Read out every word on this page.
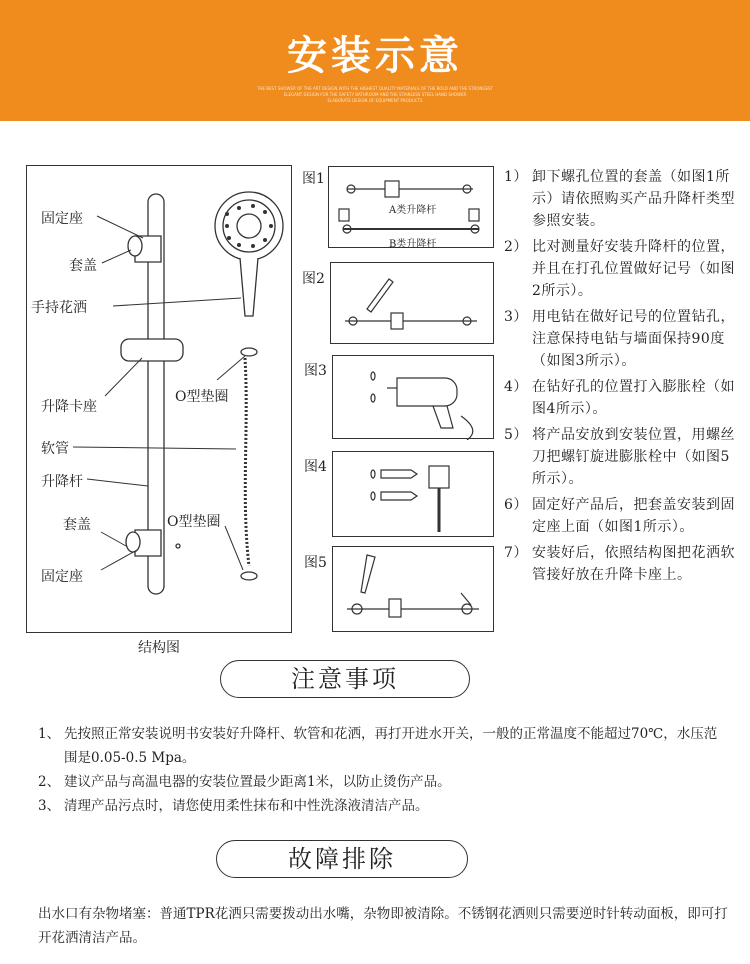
安装示意
THE BEST SHOWER OF THE ART DESIGN WITH THE HIGHEST QUALITY MATERIALS OF THE BOLD AND THE STRONGEST
ELEGANT DESIGN FOR THE SAFETY BATHROOM AND THE STAINLESS STEEL HAND SHOWER
ELABORATE DESIGN OF EQUIPMENT PRODUCTS
固定座
套盖
手持花洒
O型垫圈
升降卡座
软管
升降杆
O型垫圈
套盖
固定座
结构图
图1
A类升降杆
B类升降杆
图2
图3
图4
图5
1） 卸下螺孔位置的套盖（如图1所示）请依照购买产品升降杆类型参照安装。
2） 比对测量好安装升降杆的位置，并且在打孔位置做好记号（如图2所示）。
3） 用电钻在做好记号的位置钻孔，注意保持电钻与墙面保持90度（如图3所示）。
4） 在钻好孔的位置打入膨胀栓（如图4所示）。
5） 将产品安放到安装位置，用螺丝刀把螺钉旋进膨胀栓中（如图5所示）。
6） 固定好产品后，把套盖安装到固定座上面（如图1所示）。
7） 安装好后，依照结构图把花洒软管接好放在升降卡座上。
注意事项
1、 先按照正常安装说明书安装好升降杆、软管和花洒，再打开进水开关，一般的正常温度不能超过70℃，水压范围是0.05-0.5 Mpa。
2、 建议产品与高温电器的安装位置最少距离1米，以防止烫伤产品。
3、 清理产品污点时，请您使用柔性抹布和中性洗涤液清洁产品。
故障排除
出水口有杂物堵塞：普通TPR花洒只需要拨动出水嘴，杂物即被清除。不锈钢花洒则只需要逆时针转动面板，即可打开花洒清洁产品。
